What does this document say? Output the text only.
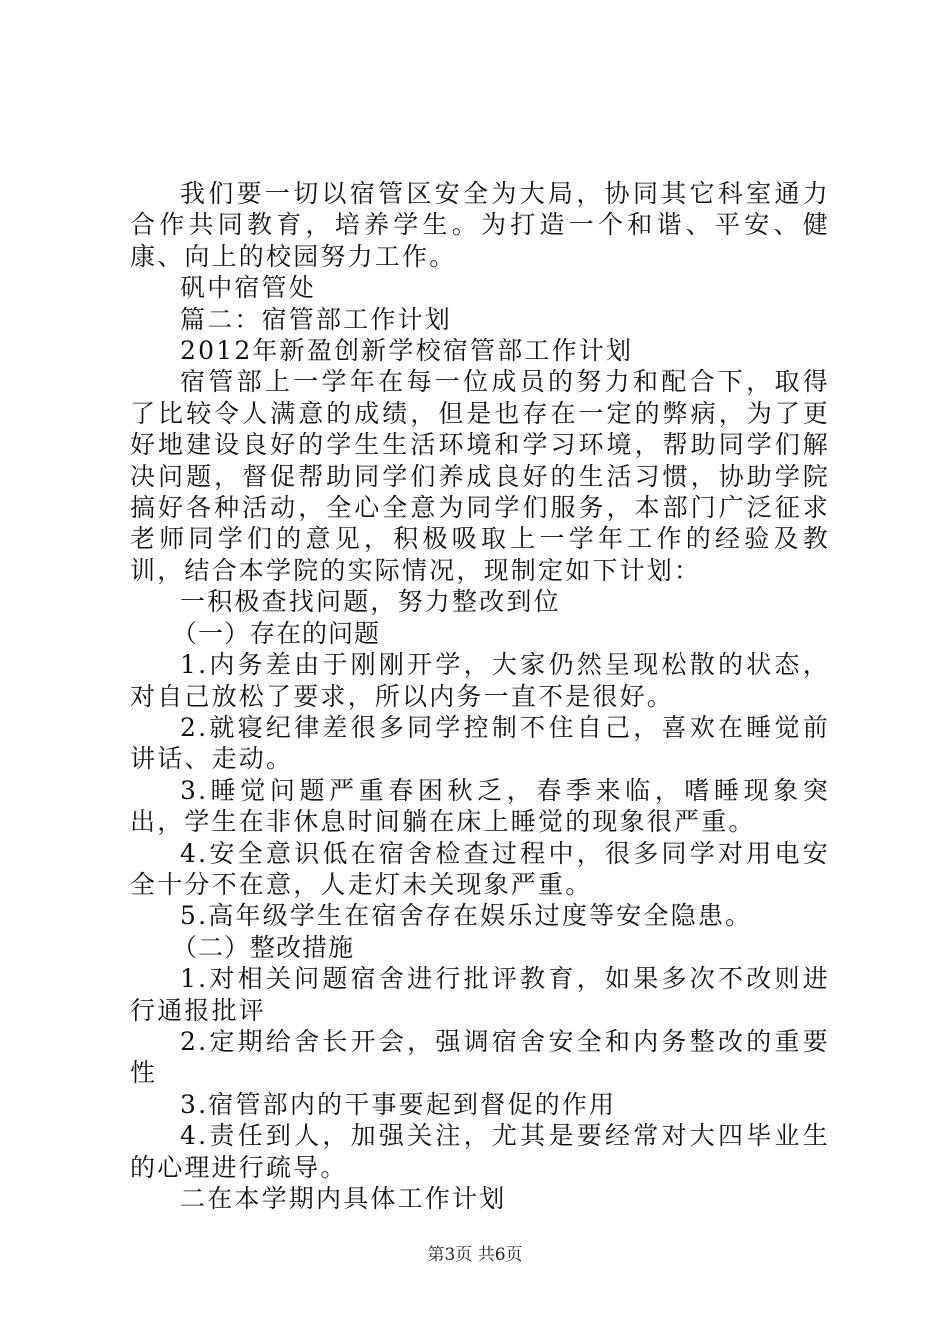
我们要一切以宿管区安全为大局，协同其它科室通力合作共同教育，培养学生。为打造一个和谐、平安、健康、向上的校园努力工作。

矾中宿管处

篇二：宿管部工作计划

2012年新盈创新学校宿管部工作计划

宿管部上一学年在每一位成员的努力和配合下，取得了比较令人满意的成绩，但是也存在一定的弊病，为了更好地建设良好的学生生活环境和学习环境，帮助同学们解决问题，督促帮助同学们养成良好的生活习惯，协助学院搞好各种活动，全心全意为同学们服务，本部门广泛征求老师同学们的意见，积极吸取上一学年工作的经验及教训，结合本学院的实际情况，现制定如下计划：

一积极查找问题，努力整改到位

（一）存在的问题

1.内务差由于刚刚开学，大家仍然呈现松散的状态，对自己放松了要求，所以内务一直不是很好。

2.就寝纪律差很多同学控制不住自己，喜欢在睡觉前讲话、走动。

3.睡觉问题严重春困秋乏，春季来临，嗜睡现象突出，学生在非休息时间躺在床上睡觉的现象很严重。

4.安全意识低在宿舍检查过程中，很多同学对用电安全十分不在意，人走灯未关现象严重。

5.高年级学生在宿舍存在娱乐过度等安全隐患。

（二）整改措施

1.对相关问题宿舍进行批评教育，如果多次不改则进行通报批评

2.定期给舍长开会，强调宿舍安全和内务整改的重要性

3.宿管部内的干事要起到督促的作用

4.责任到人，加强关注，尤其是要经常对大四毕业生的心理进行疏导。

二在本学期内具体工作计划

第3页 共6页
